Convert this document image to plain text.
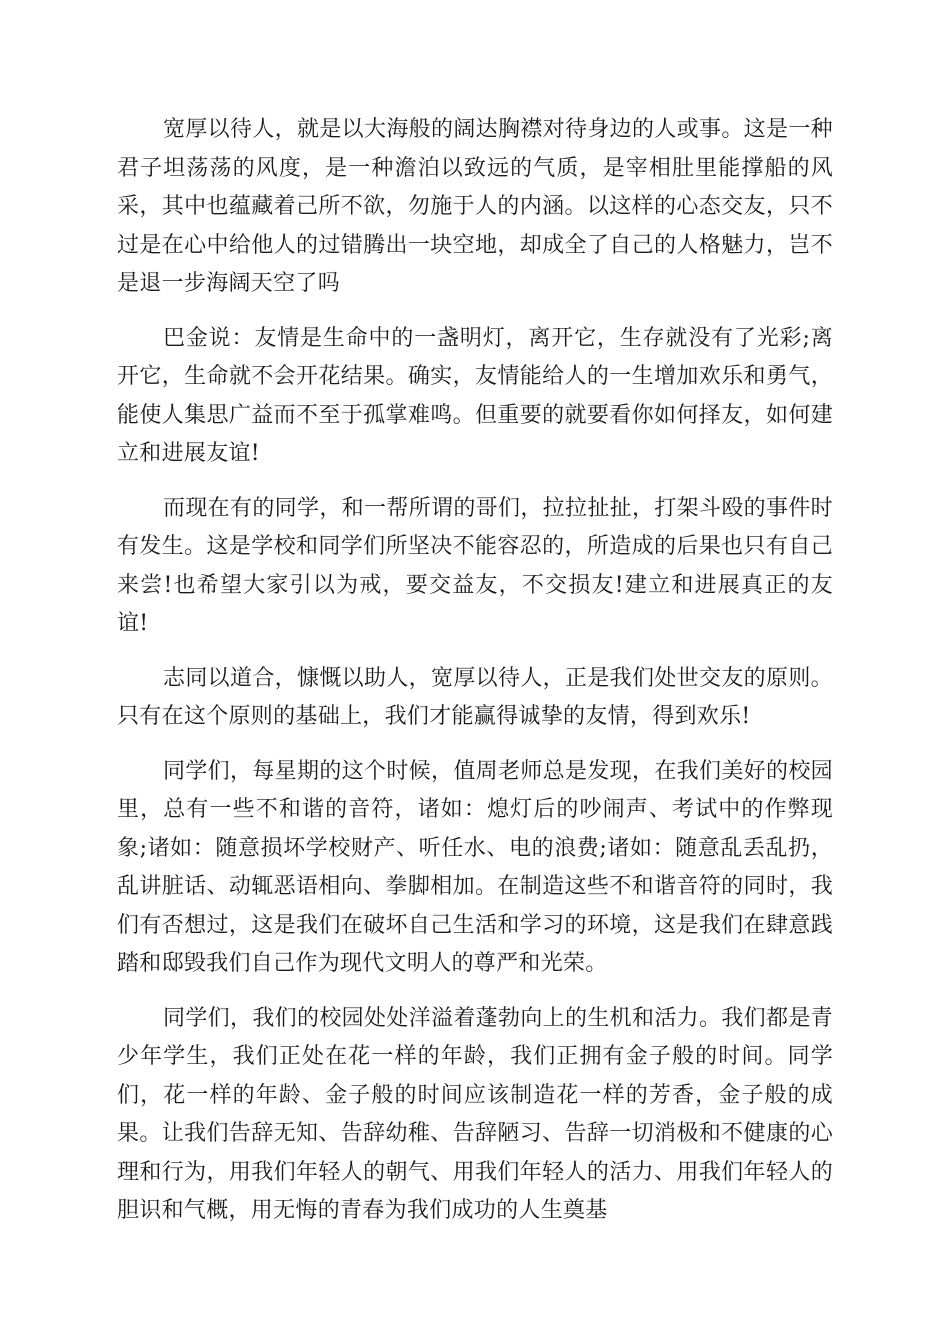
宽厚以待人，就是以大海般的阔达胸襟对待身边的人或事。这是一种君子坦荡荡的风度，是一种澹泊以致远的气质，是宰相肚里能撑船的风采，其中也蕴藏着己所不欲，勿施于人的内涵。以这样的心态交友，只不过是在心中给他人的过错腾出一块空地，却成全了自己的人格魅力，岂不是退一步海阔天空了吗

巴金说：友情是生命中的一盏明灯，离开它，生存就没有了光彩;离开它，生命就不会开花结果。确实，友情能给人的一生增加欢乐和勇气，能使人集思广益而不至于孤掌难鸣。但重要的就要看你如何择友，如何建立和进展友谊!

而现在有的同学，和一帮所谓的哥们，拉拉扯扯，打架斗殴的事件时有发生。这是学校和同学们所坚决不能容忍的，所造成的后果也只有自己来尝!也希望大家引以为戒，要交益友，不交损友!建立和进展真正的友谊!

志同以道合，慷慨以助人，宽厚以待人，正是我们处世交友的原则。只有在这个原则的基础上，我们才能赢得诚挚的友情，得到欢乐!

同学们，每星期的这个时候，值周老师总是发现，在我们美好的校园里，总有一些不和谐的音符，诸如：熄灯后的吵闹声、考试中的作弊现象;诸如：随意损坏学校财产、听任水、电的浪费;诸如：随意乱丢乱扔，乱讲脏话、动辄恶语相向、拳脚相加。在制造这些不和谐音符的同时，我们有否想过，这是我们在破坏自己生活和学习的环境，这是我们在肆意践踏和邸毁我们自己作为现代文明人的尊严和光荣。

同学们，我们的校园处处洋溢着蓬勃向上的生机和活力。我们都是青少年学生，我们正处在花一样的年龄，我们正拥有金子般的时间。同学们，花一样的年龄、金子般的时间应该制造花一样的芳香，金子般的成果。让我们告辞无知、告辞幼稚、告辞陋习、告辞一切消极和不健康的心理和行为，用我们年轻人的朝气、用我们年轻人的活力、用我们年轻人的胆识和气概，用无悔的青春为我们成功的人生奠基
